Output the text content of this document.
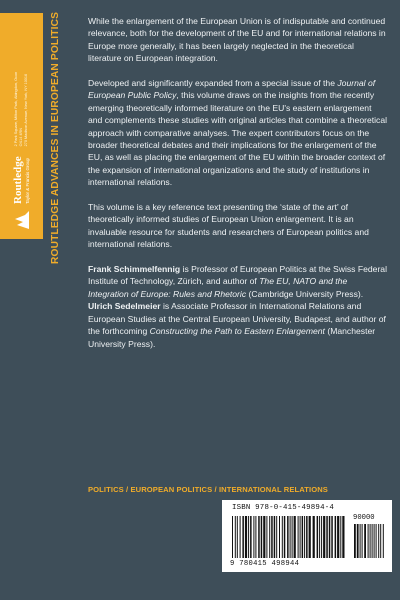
Routledge Taylor & Francis Group
2 Park Square, Milton Park, Abingdon, Oxon OX14 4RN 270 Madison Avenue, New York, NY 10016	ROUTLEDGE ADVANCES IN EUROPEAN POLITICS	While the enlargement of the European Union is of indisputable and continued relevance, both for the development of the EU and for international relations in Europe more generally, it has been largely neglected in the theoretical literature on European integration.

Developed and significantly expanded from a special issue of the Journal of European Public Policy, this volume draws on the insights from the recently emerging theoretically informed literature on the EU's eastern enlargement and complements these studies with original articles that combine a theoretical approach with comparative analyses. The expert contributors focus on the broader theoretical debates and their implications for the enlargement of the EU, as well as placing the enlargement of the EU within the broader context of the expansion of international organizations and the study of institutions in international relations.

This volume is a key reference text presenting the ‘state of the art’ of theoretically informed studies of European Union enlargement. It is an invaluable resource for students and researchers of European politics and international relations.

Frank Schimmelfennig is Professor of European Politics at the Swiss Federal Institute of Technology, Zürich, and author of The EU, NATO and the Integration of Europe: Rules and Rhetoric (Cambridge University Press). Ulrich Sedelmeier is Associate Professor in International Relations and European Studies at the Central European University, Budapest, and author of the forthcoming Constructing the Path to Eastern Enlargement (Manchester University Press).

POLITICS / EUROPEAN POLITICS / INTERNATIONAL RELATIONS
ISBN 978-0-415-49894-4
9 780415 498944
90000
